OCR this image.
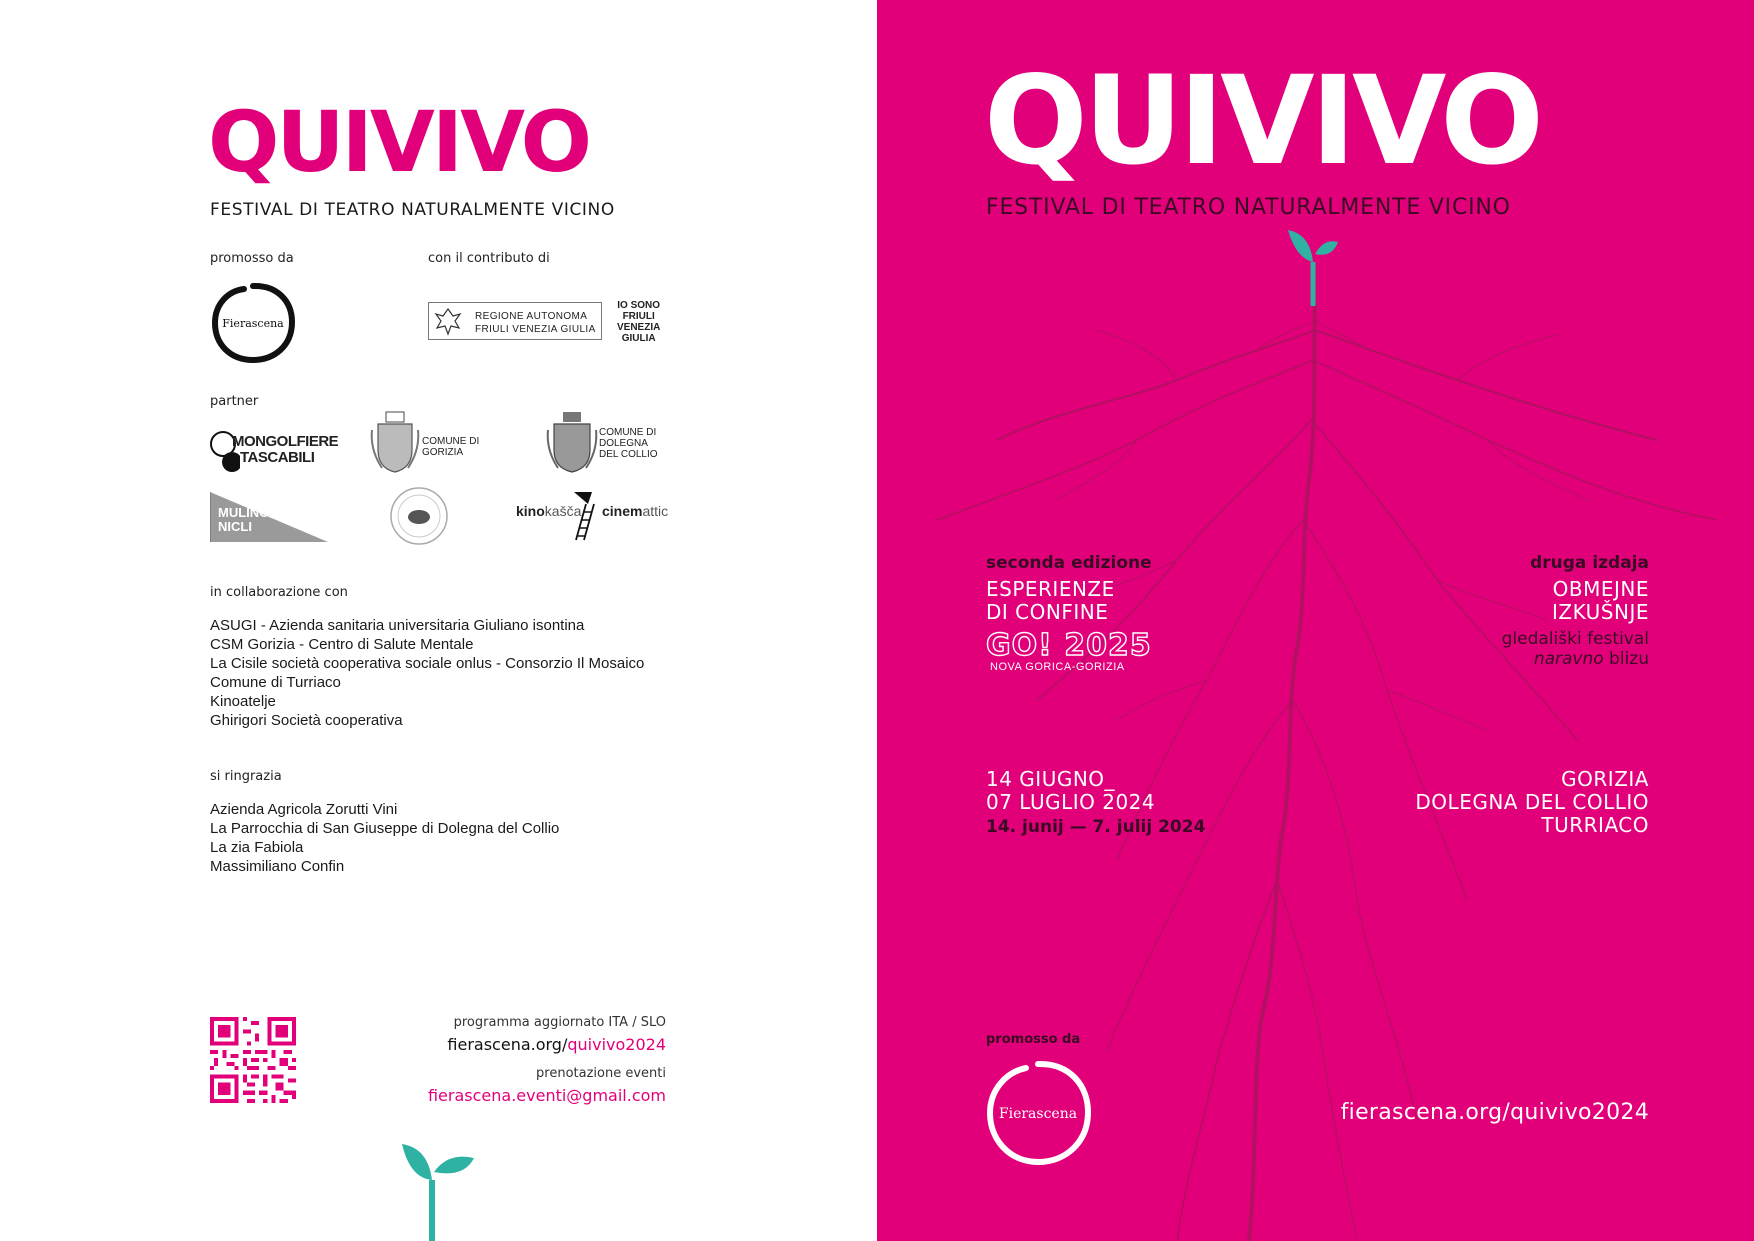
QUIVIVO
FESTIVAL DI TEATRO NATURALMENTE VICINO
promosso da	con il contributo di
Fierascena
REGIONE AUTONOMA
FRIULI VENEZIA GIULIA
IO SONO
FRIULI
VENEZIA
GIULIA
partner
MONGOLFIERE
TASCABILI
COMUNE DI
GORIZIA
COMUNE DI
DOLEGNA
DEL COLLIO
MULINO
NICLI
kinokašča cinemattic
in collaborazione con
ASUGI - Azienda sanitaria universitaria Giuliano isontina
CSM Gorizia - Centro di Salute Mentale
La Cisile società cooperativa sociale onlus - Consorzio Il Mosaico
Comune di Turriaco
Kinoatelje
Ghirigori Società cooperativa
si ringrazia
Azienda Agricola Zorutti Vini
La Parrocchia di San Giuseppe di Dolegna del Collio
La zia Fabiola
Massimiliano Confin
programma aggiornato ITA / SLO
fierascena.org/quivivo2024
prenotazione eventi
fierascena.eventi@gmail.com
QUIVIVO
FESTIVAL DI TEATRO NATURALMENTE VICINO
seconda edizione
ESPERIENZE
DI CONFINE
GO! 2025
NOVA GORICA-GORIZIA
druga izdaja
OBMEJNE
IZKUŠNJE
gledališki festival
naravno blizu
14 GIUGNO_
07 LUGLIO 2024
14. junij — 7. julij 2024
GORIZIA
DOLEGNA DEL COLLIO
TURRIACO
promosso da
Fierascena	fierascena.org/quivivo2024
